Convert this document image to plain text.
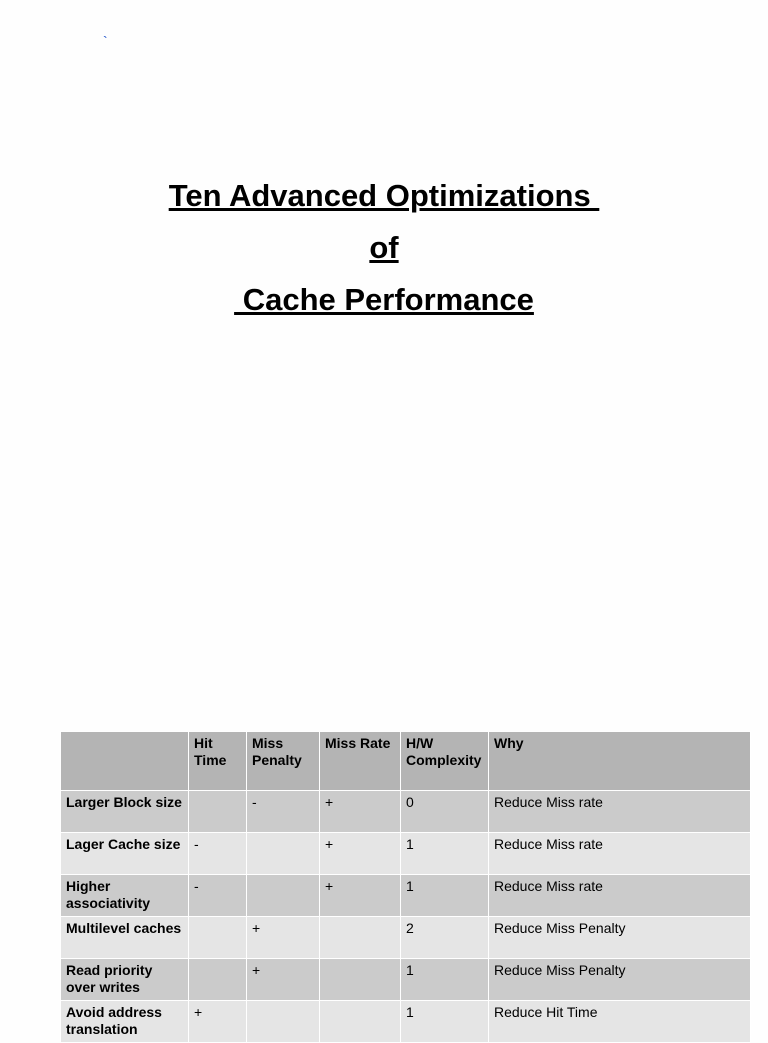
`
Ten Advanced Optimizations
of
Cache Performance
	Hit Time	Miss Penalty	Miss Rate	H/W Complexity	Why
Larger Block size		-	+	0	Reduce Miss rate
Lager Cache size	-		+	1	Reduce Miss rate
Higher associativity	-		+	1	Reduce Miss rate
Multilevel caches		+		2	Reduce Miss Penalty
Read priority over writes		+		1	Reduce Miss Penalty
Avoid address translation	+			1	Reduce Hit Time
